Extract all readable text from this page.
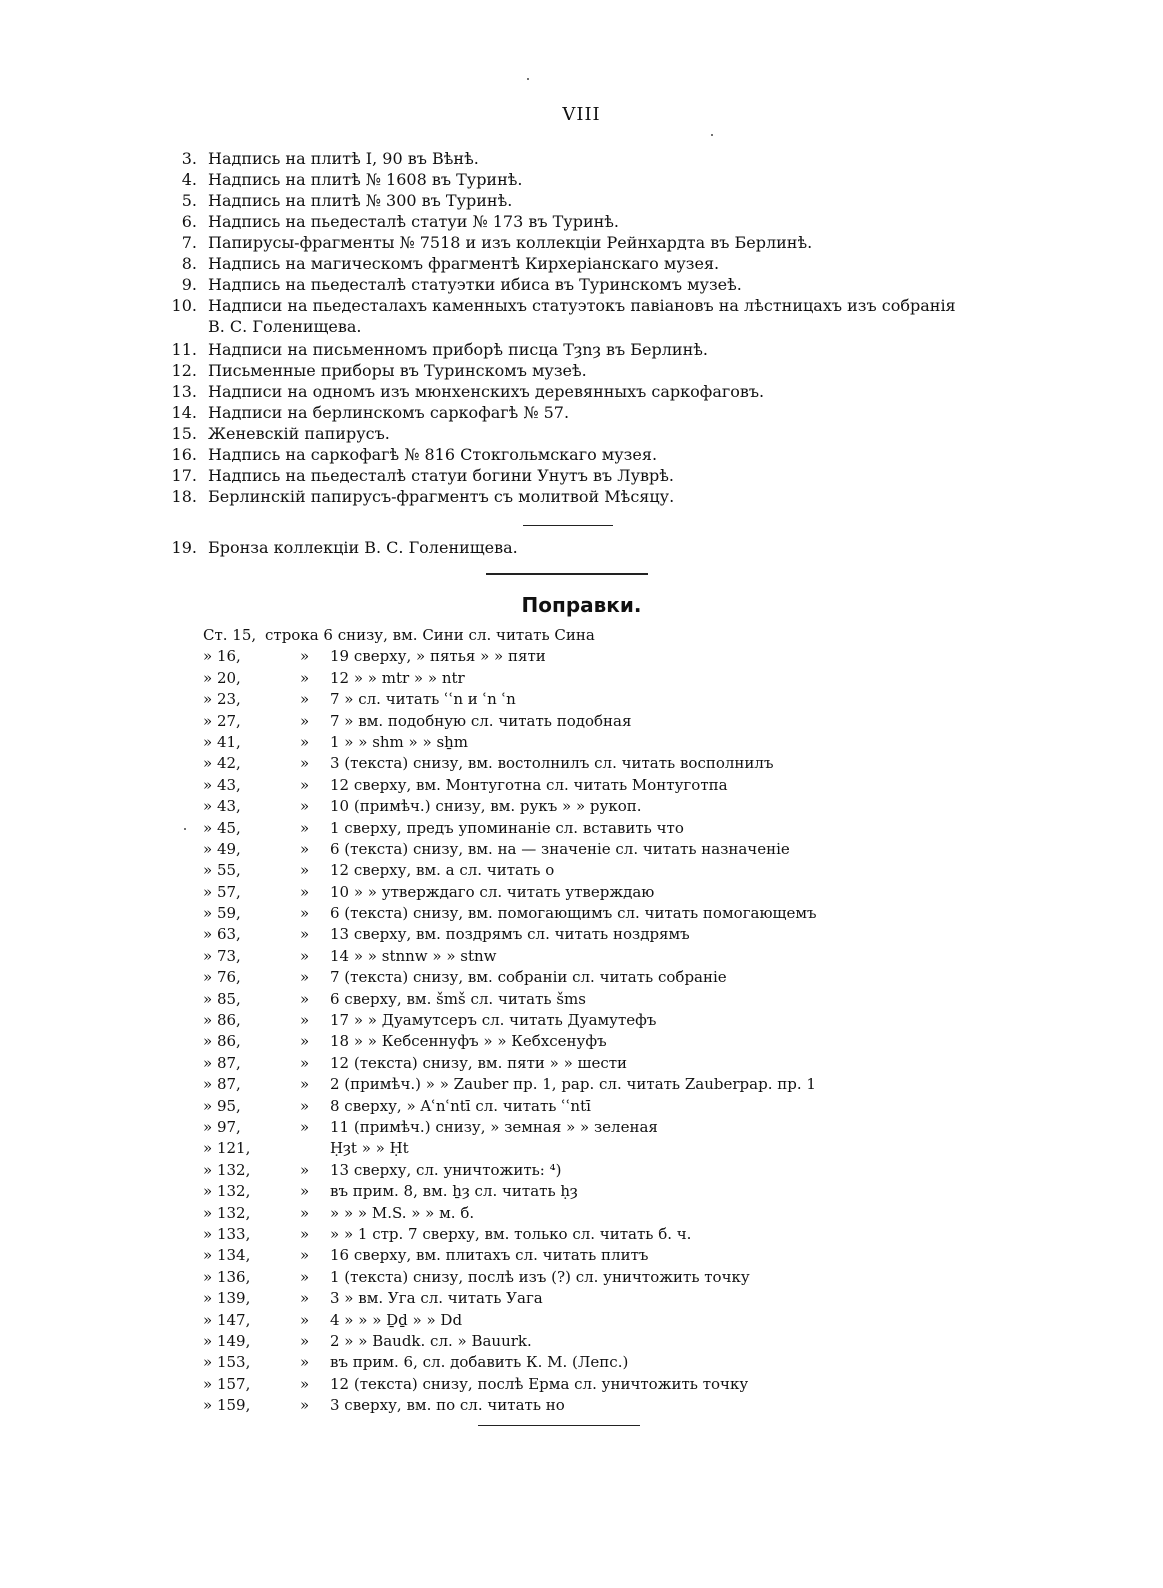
VIII
3. Надпись на плитѣ I, 90 въ Вѣнѣ.
4. Надпись на плитѣ № 1608 въ Туринѣ.
5. Надпись на плитѣ № 300 въ Туринѣ.
6. Надпись на пьедесталѣ статуи № 173 въ Туринѣ.
7. Папирусы-фрагменты № 7518 и изъ коллекціи Рейнхардта въ Берлинѣ.
8. Надпись на магическомъ фрагментѣ Кирхеріанскаго музея.
9. Надпись на пьедесталѣ статуэтки ибиса въ Туринскомъ музеѣ.
10. Надписи на пьедесталахъ каменныхъ статуэтокъ павіановъ на лѣстницахъ изъ собранія
В. С. Голенищева.
11. Надписи на письменномъ приборѣ писца Tȝnȝ въ Берлинѣ.
12. Письменные приборы въ Туринскомъ музеѣ.
13. Надписи на одномъ изъ мюнхенскихъ деревянныхъ саркофаговъ.
14. Надписи на берлинскомъ саркофагѣ № 57.
15. Женевскій папирусъ.
16. Надпись на саркофагѣ № 816 Стокгольмскаго музея.
17. Надпись на пьедесталѣ статуи богини Унутъ въ Луврѣ.
18. Берлинскій папирусъ-фрагментъ съ молитвой Мѣсяцу.
19. Бронза коллекціи В. С. Голенищева.
Поправки.
Ст. 15, строка 6 снизу, вм. Сини сл. читать Сина
» 16,	» 19 сверху, » пятья » » пяти
» 20,	» 12 » » mtr » » ntr
» 23,	» 7 » сл. читать ʿʿn и ʿn ʿn
» 27,	» 7 » вм. подобную сл. читать подобная
» 41,	» 1 » » shm » » sẖm
» 42,	» 3 (текста) снизу, вм. востолнилъ сл. читать восполнилъ
» 43,	» 12 сверху, вм. Монтуготна сл. читать Монтуготпа
» 43,	» 10 (примѣч.) снизу, вм. рукъ » » рукоп.
» 45,	» 1 сверху, предъ упоминаніе сл. вставить что
» 49,	» 6 (текста) снизу, вм. на — значеніе сл. читать назначеніе
» 55,	» 12 сверху, вм. а сл. читать о
» 57,	» 10 » » утверждаго сл. читать утверждаю
» 59,	» 6 (текста) снизу, вм. помогающимъ сл. читать помогающемъ
» 63,	» 13 сверху, вм. поздрямъ сл. читать ноздрямъ
» 73,	» 14 » » stnnw » » stnw
» 76,	» 7 (текста) снизу, вм. собраніи сл. читать собраніе
» 85,	» 6 сверху, вм. šmš сл. читать šms
» 86,	» 17 » » Дуамутсеръ сл. читать Дуамутефъ
» 86,	» 18 » » Кебсеннуфъ » » Кебхсенуфъ
» 87,	» 12 (текста) снизу, вм. пяти » » шести
» 87,	» 2 (примѣч.) » » Zauber пр. 1, pap. сл. читать Zauberpap. пр. 1
» 95,	» 8 сверху, » Aʿnʿntī сл. читать ʿʿntī
» 97,	» 11 (примѣч.) снизу, » земная » » зеленая
» 121,	Ḥȝt » » Ḥt
» 132,	» 13 сверху, сл. уничтожить: ⁴)
» 132,	» въ прим. 8, вм. ẖȝ сл. читать ḥȝ
» 132,	» » » » M.S. » » м. б.
» 133,	» » » 1 стр. 7 сверху, вм. только сл. читать б. ч.
» 134,	» 16 сверху, вм. плитахъ сл. читать плитъ
» 136,	» 1 (текста) снизу, послѣ изъ (?) сл. уничтожить точку
» 139,	» 3 » вм. Уга сл. читать Уага
» 147,	» 4 » » » Ḏḏ » » Dd
» 149,	» 2 » » Baudk. сл. » Bauurk.
» 153,	» въ прим. 6, сл. добавить К. М. (Лепс.)
» 157,	» 12 (текста) снизу, послѣ Ерма сл. уничтожить точку
» 159,	» 3 сверху, вм. по сл. читать но
